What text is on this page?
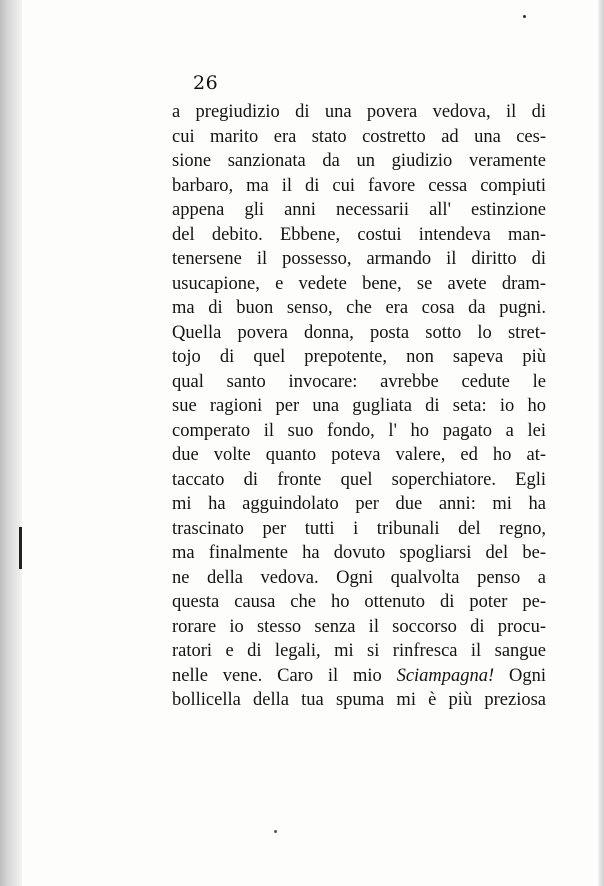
26
a pregiudizio di una povera vedova, il di
cui marito era stato costretto ad una ces-
sione sanzionata da un giudizio veramente
barbaro, ma il di cui favore cessa compiuti
appena gli anni necessarii all' estinzione
del debito. Ebbene, costui intendeva man-
tenersene il possesso, armando il diritto di
usucapione, e vedete bene, se avete dram-
ma di buon senso, che era cosa da pugni.
Quella povera donna, posta sotto lo stret-
tojo di quel prepotente, non sapeva più
qual santo invocare: avrebbe cedute le
sue ragioni per una gugliata di seta: io ho
comperato il suo fondo, l' ho pagato a lei
due volte quanto poteva valere, ed ho at-
taccato di fronte quel soperchiatore. Egli
mi ha agguindolato per due anni: mi ha
trascinato per tutti i tribunali del regno,
ma finalmente ha dovuto spogliarsi del be-
ne della vedova. Ogni qualvolta penso a
questa causa che ho ottenuto di poter pe-
rorare io stesso senza il soccorso di procu-
ratori e di legali, mi si rinfresca il sangue
nelle vene. Caro il mio Sciampagna! Ogni
bollicella della tua spuma mi è più preziosa
